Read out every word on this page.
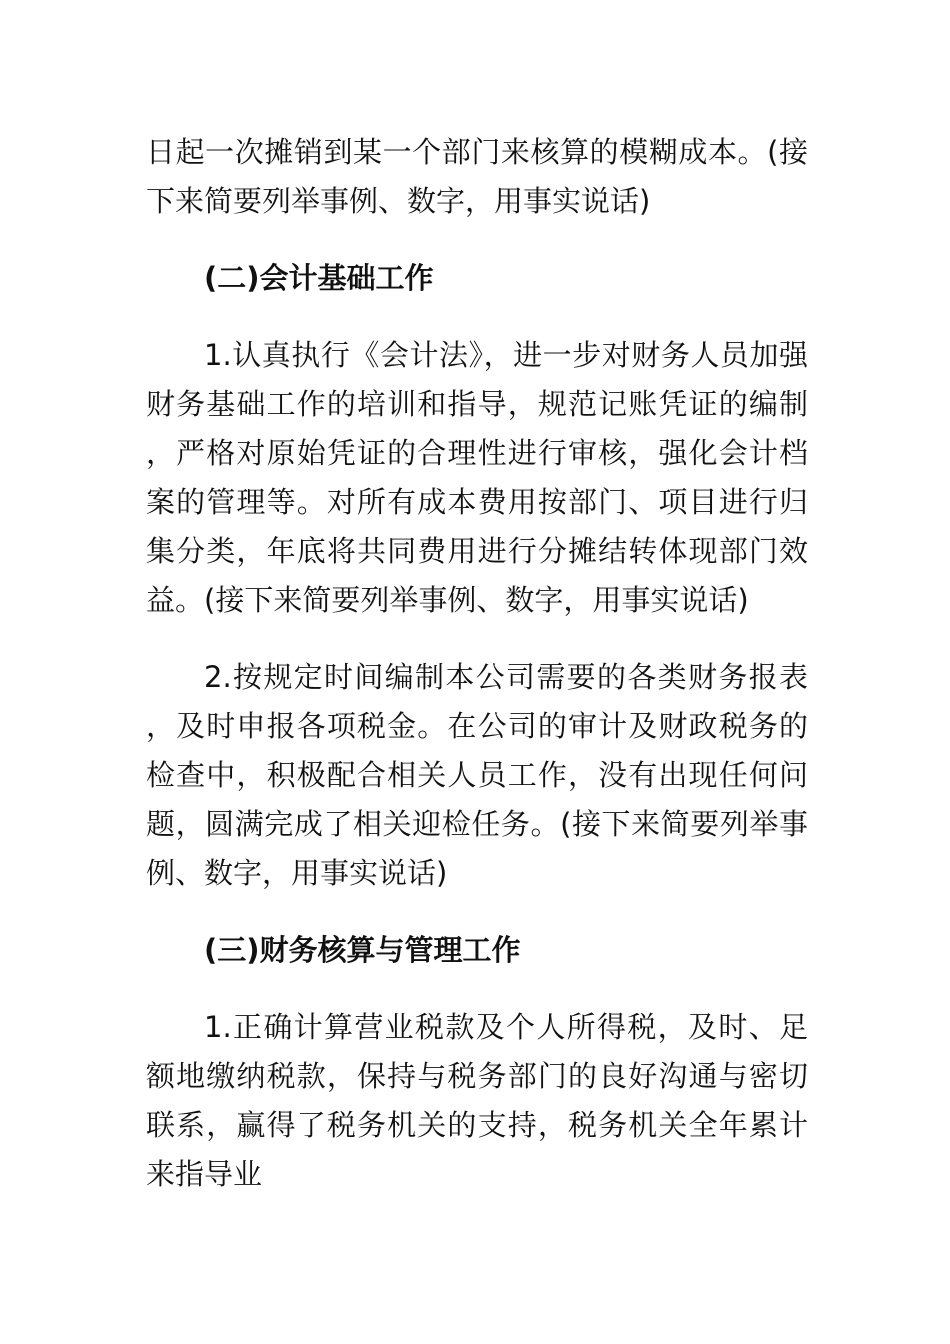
日起一次摊销到某一个部门来核算的模糊成本。(接下来简要列举事例、数字，用事实说话)

(二)会计基础工作

1.认真执行《会计法》，进一步对财务人员加强财务基础工作的培训和指导，规范记账凭证的编制，严格对原始凭证的合理性进行审核，强化会计档案的管理等。对所有成本费用按部门、项目进行归集分类，年底将共同费用进行分摊结转体现部门效益。(接下来简要列举事例、数字，用事实说话)

2.按规定时间编制本公司需要的各类财务报表，及时申报各项税金。在公司的审计及财政税务的检查中，积极配合相关人员工作，没有出现任何问题，圆满完成了相关迎检任务。(接下来简要列举事例、数字，用事实说话)

(三)财务核算与管理工作

1.正确计算营业税款及个人所得税，及时、足额地缴纳税款，保持与税务部门的良好沟通与密切联系，赢得了税务机关的支持，税务机关全年累计来指导业
